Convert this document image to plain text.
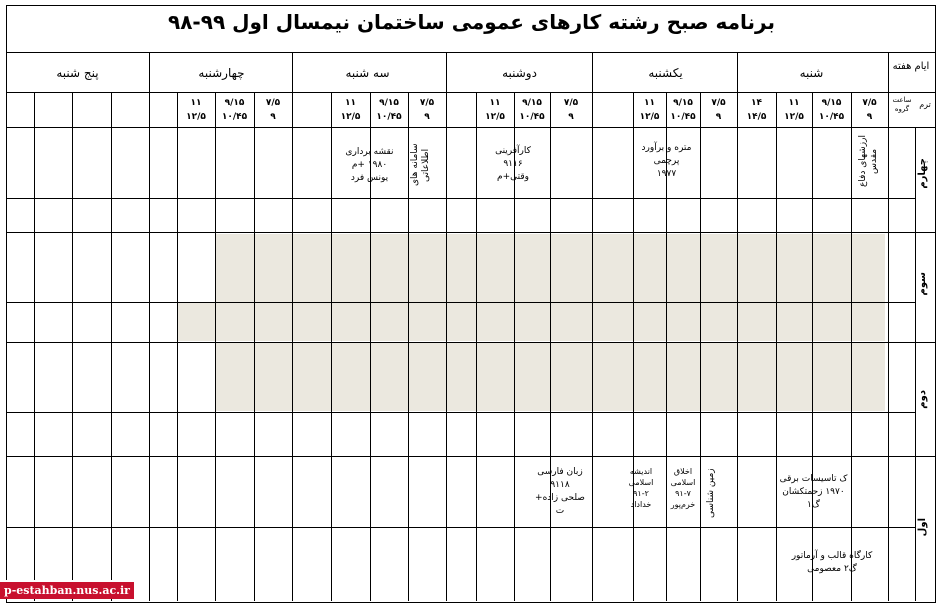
برنامه صبح رشته کارهای عمومی ساختمان نیمسال اول ۹۹-۹۸
ایام هفته
ترم
ساعت گروه
شنبه
یکشنبه
دوشنبه
سه شنبه
چهارشنبه
پنج شنبه
۷/۵
۹
۹/۱۵
۱۰/۴۵
۱۱
۱۲/۵
۱۴
۱۴/۵
۷/۵
۹
۹/۱۵
۱۰/۴۵
۱۱
۱۲/۵
۷/۵
۹
۹/۱۵
۱۰/۴۵
۱۱
۱۲/۵
۷/۵
۹
۹/۱۵
۱۰/۴۵
۱۱
۱۲/۵
۷/۵
۹
۹/۱۵
۱۰/۴۵
۱۱
۱۲/۵
چهارم
سوم
دوم
اول
ارزشهای دفاع مقدس
متره و برآورد
پرچمی
۱۹۷۷
کارآفرینی
۹۱۱۶
وقتی+م
سامانه های اطلاعاتی
نقشه برداری
۱۹۸۰ +م
یونس فرد
ک تاسیسات برقی
۱۹۷۰ زحمتکشان
گ۱
کارگاه قالب و آرماتور
گ۲ معصومی
زمین شناسی
اخلاق
اسلامی
۹۱-۷
خرم‌پور
اندیشه
اسلامی
۹۱-۲
خداداد
زبان فارسی
۹۱۱۸
صلحی زاده+
ت
p-estahban.nus.ac.ir
